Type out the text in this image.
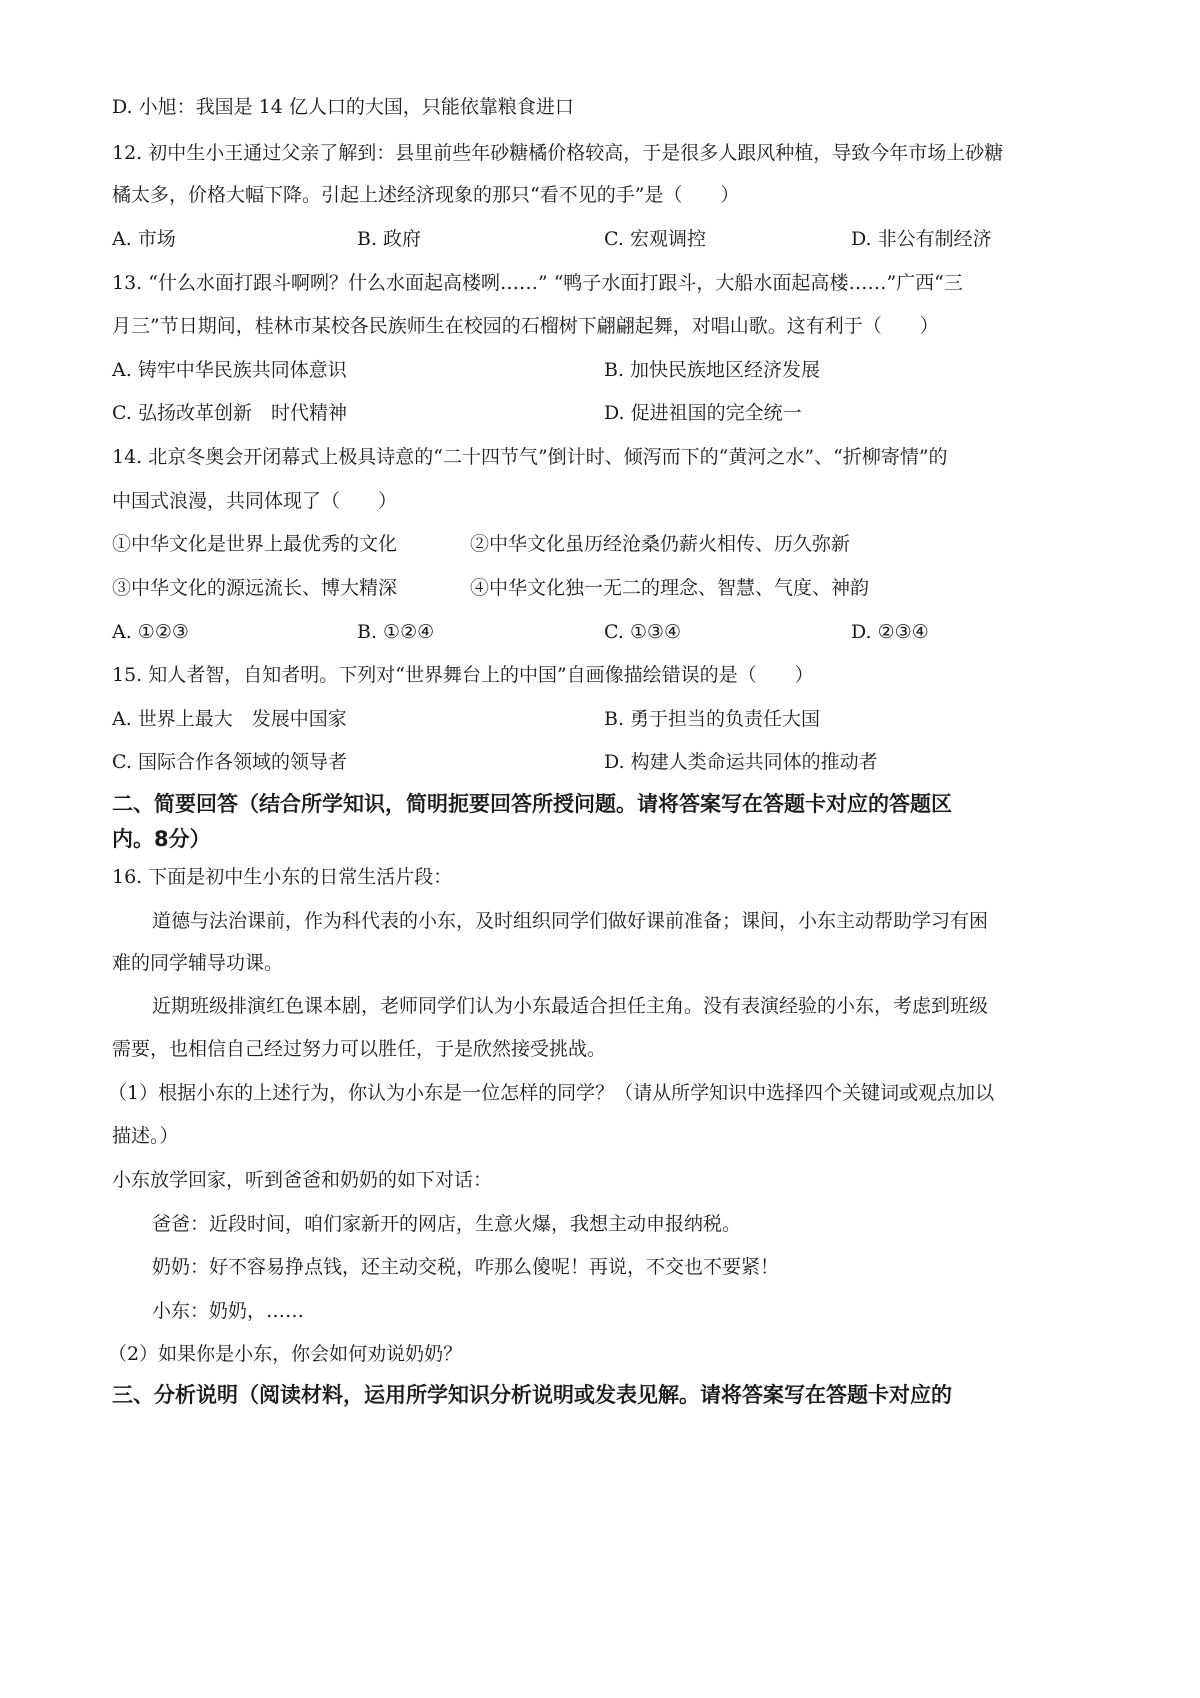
D. 小旭：我国是 14 亿人口的大国，只能依靠粮食进口
12. 初中生小王通过父亲了解到：县里前些年砂糖橘价格较高，于是很多人跟风种植，导致今年市场上砂糖
橘太多，价格大幅下降。引起上述经济现象的那只“看不见的手”是（　　）
A. 市场	B. 政府	C. 宏观调控	D. 非公有制经济
13. “什么水面打跟斗啊咧？什么水面起高楼咧……” “鸭子水面打跟斗，大船水面起高楼……”广西“三
月三”节日期间，桂林市某校各民族师生在校园的石榴树下翩翩起舞，对唱山歌。这有利于（　　）
A. 铸牢中华民族共同体意识	B. 加快民族地区经济发展
C. 弘扬改革创新　时代精神	D. 促进祖国的完全统一
14. 北京冬奥会开闭幕式上极具诗意的“二十四节气”倒计时、倾泻而下的“黄河之水”、“折柳寄情”的
中国式浪漫，共同体现了（　　）
①中华文化是世界上最优秀的文化	②中华文化虽历经沧桑仍薪火相传、历久弥新
③中华文化的源远流长、博大精深	④中华文化独一无二的理念、智慧、气度、神韵
A. ①②③	B. ①②④	C. ①③④	D. ②③④
15. 知人者智，自知者明。下列对“世界舞台上的中国”自画像描绘错误的是（　　）
A. 世界上最大　发展中国家	B. 勇于担当的负责任大国
C. 国际合作各领域的领导者	D. 构建人类命运共同体的推动者
二、简要回答（结合所学知识，简明扼要回答所授问题。请将答案写在答题卡对应的答题区
内。8分）
16. 下面是初中生小东的日常生活片段：
道德与法治课前，作为科代表的小东，及时组织同学们做好课前准备；课间，小东主动帮助学习有困
难的同学辅导功课。
近期班级排演红色课本剧，老师同学们认为小东最适合担任主角。没有表演经验的小东，考虑到班级
需要，也相信自己经过努力可以胜任，于是欣然接受挑战。
（1）根据小东的上述行为，你认为小东是一位怎样的同学？（请从所学知识中选择四个关键词或观点加以
描述。）
小东放学回家，听到爸爸和奶奶的如下对话：
爸爸：近段时间，咱们家新开的网店，生意火爆，我想主动申报纳税。
奶奶：好不容易挣点钱，还主动交税，咋那么傻呢！再说，不交也不要紧！
小东：奶奶，……
（2）如果你是小东，你会如何劝说奶奶？
三、分析说明（阅读材料，运用所学知识分析说明或发表见解。请将答案写在答题卡对应的
